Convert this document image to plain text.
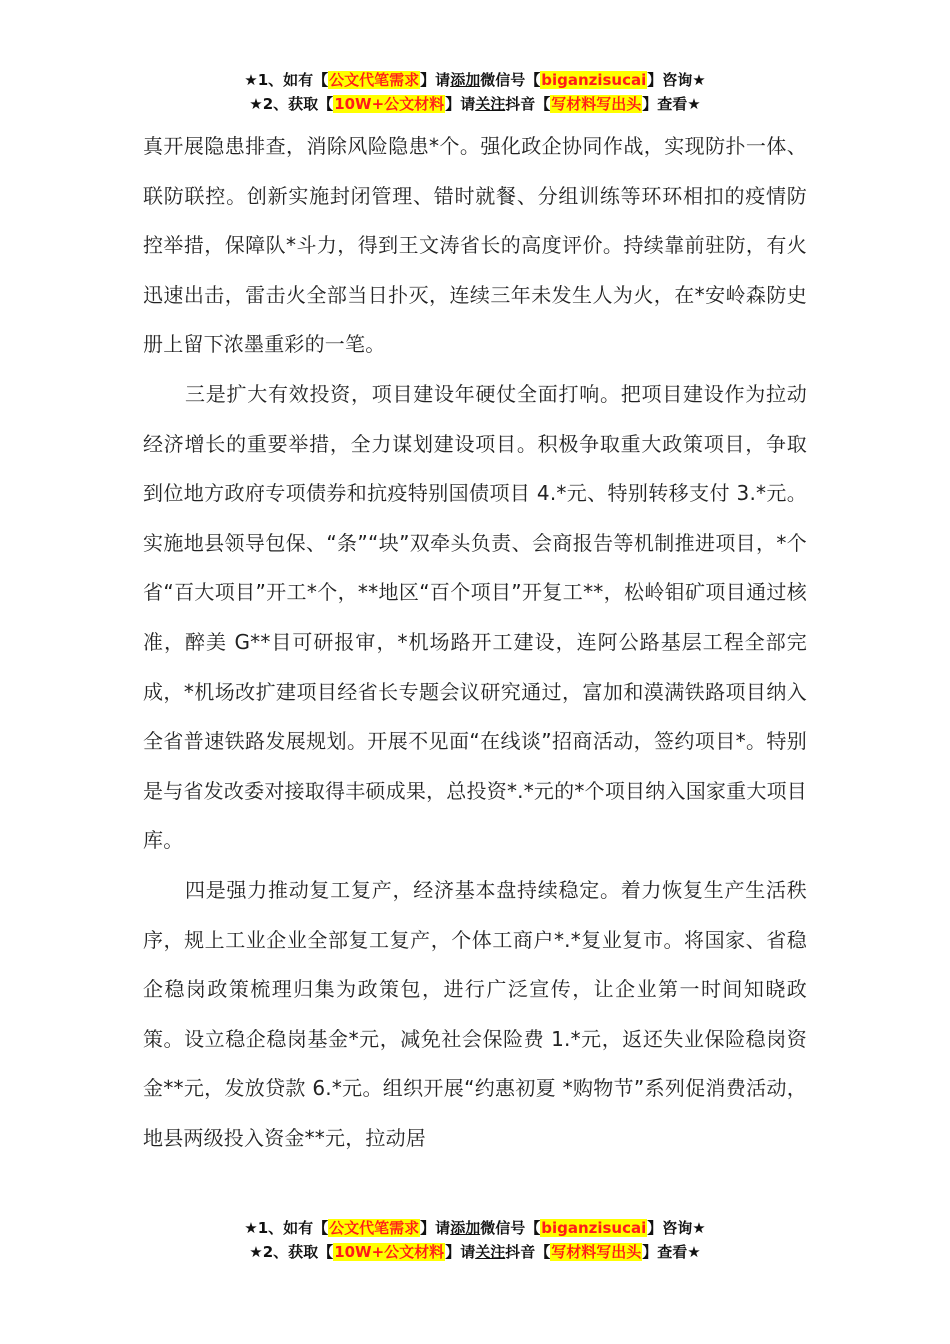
★1、如有【公文代笔需求】请添加微信号【biganzisucai】咨询★
★2、获取【10W+公文材料】请关注抖音【写材料写出头】查看★

真开展隐患排查，消除风险隐患*个。强化政企协同作战，实现防扑一体、联防联控。创新实施封闭管理、错时就餐、分组训练等环环相扣的疫情防控举措，保障队*斗力，得到王文涛省长的高度评价。持续靠前驻防，有火迅速出击，雷击火全部当日扑灭，连续三年未发生人为火，在*安岭森防史册上留下浓墨重彩的一笔。

三是扩大有效投资，项目建设年硬仗全面打响。把项目建设作为拉动经济增长的重要举措，全力谋划建设项目。积极争取重大政策项目，争取到位地方政府专项债券和抗疫特别国债项目 4.*元、特别转移支付 3.*元。实施地县领导包保、“条”“块”双牵头负责、会商报告等机制推进项目，*个省“百大项目”开工*个，**地区“百个项目”开复工**，松岭钼矿项目通过核准，醉美 G**目可研报审，*机场路开工建设，连阿公路基层工程全部完成，*机场改扩建项目经省长专题会议研究通过，富加和漠满铁路项目纳入全省普速铁路发展规划。开展不见面“在线谈”招商活动，签约项目*。特别是与省发改委对接取得丰硕成果，总投资*.*元的*个项目纳入国家重大项目库。

四是强力推动复工复产，经济基本盘持续稳定。着力恢复生产生活秩序，规上工业企业全部复工复产，个体工商户*.*复业复市。将国家、省稳企稳岗政策梳理归集为政策包，进行广泛宣传，让企业第一时间知晓政策。设立稳企稳岗基金*元，减免社会保险费 1.*元，返还失业保险稳岗资金**元，发放贷款 6.*元。组织开展“约惠初夏 *购物节”系列促消费活动，地县两级投入资金**元，拉动居

★1、如有【公文代笔需求】请添加微信号【biganzisucai】咨询★
★2、获取【10W+公文材料】请关注抖音【写材料写出头】查看★
